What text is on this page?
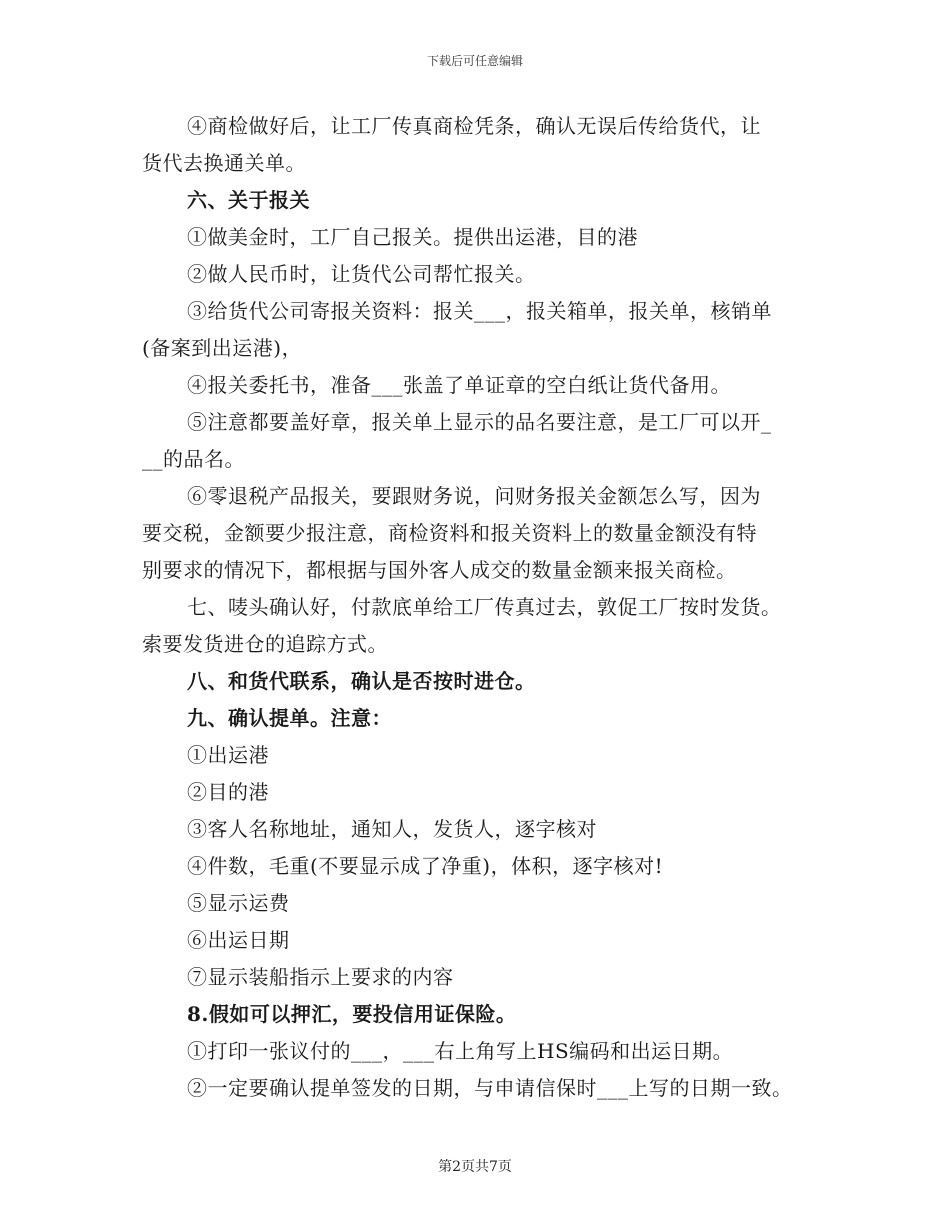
下载后可任意编辑
④商检做好后，让工厂传真商检凭条，确认无误后传给货代，让
货代去换通关单。
六、关于报关
①做美金时，工厂自己报关。提供出运港，目的港
②做人民币时，让货代公司帮忙报关。
③给货代公司寄报关资料：报关___，报关箱单，报关单，核销单
(备案到出运港)，
④报关委托书，准备___张盖了单证章的空白纸让货代备用。
⑤注意都要盖好章，报关单上显示的品名要注意，是工厂可以开_
__的品名。
⑥零退税产品报关，要跟财务说，问财务报关金额怎么写，因为
要交税，金额要少报注意，商检资料和报关资料上的数量金额没有特
别要求的情况下，都根据与国外客人成交的数量金额来报关商检。
七、唛头确认好，付款底单给工厂传真过去，敦促工厂按时发货。
索要发货进仓的追踪方式。
八、和货代联系，确认是否按时进仓。
九、确认提单。注意：
①出运港
②目的港
③客人名称地址，通知人，发货人，逐字核对
④件数，毛重(不要显示成了净重)，体积，逐字核对!
⑤显示运费
⑥出运日期
⑦显示装船指示上要求的内容
8.假如可以押汇，要投信用证保险。
①打印一张议付的___，___右上角写上HS编码和出运日期。
②一定要确认提单签发的日期，与申请信保时___上写的日期一致。
第2页共7页
